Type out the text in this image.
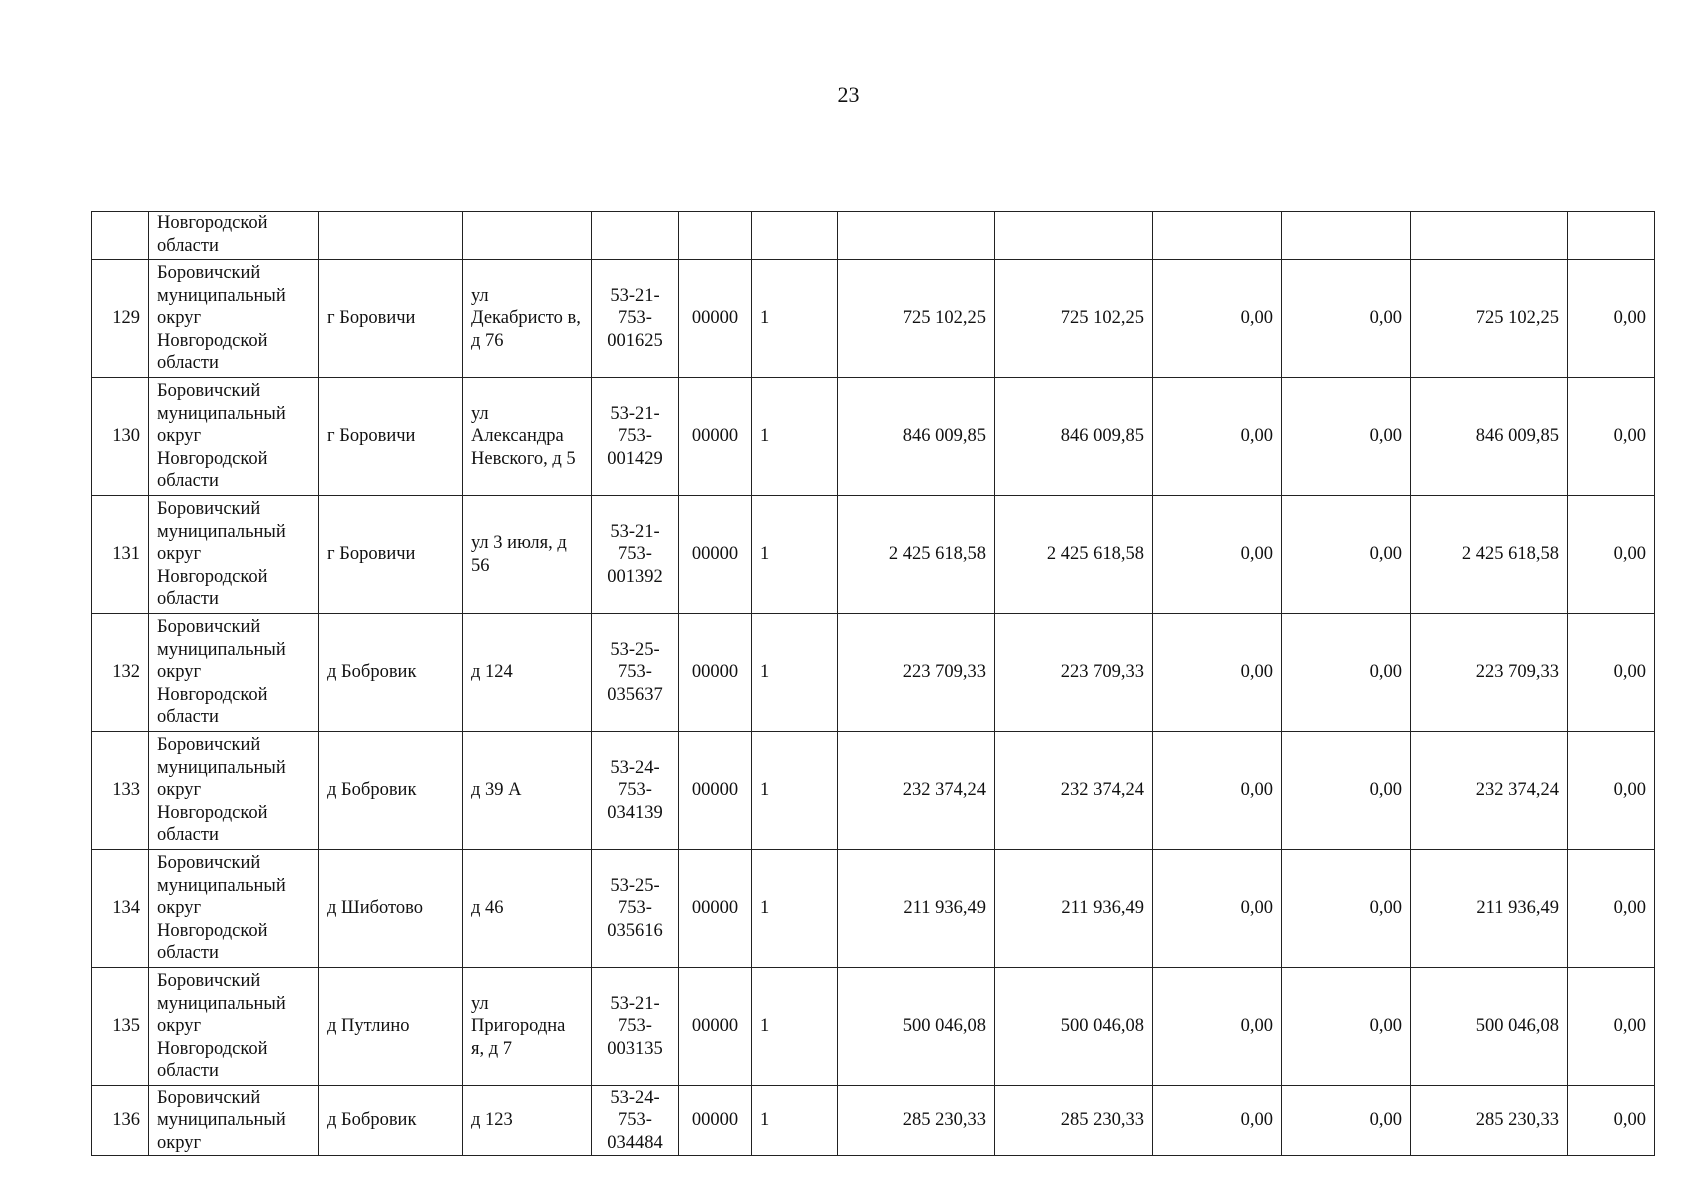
23
	Новгородской области											
129	Боровичский муниципальный округ Новгородской области	г Боровичи	ул Декабристо в, д 76	53-21-753-001625	00000	1	725 102,25	725 102,25	0,00	0,00	725 102,25	0,00
130	Боровичский муниципальный округ Новгородской области	г Боровичи	ул Александра Невского, д 5	53-21-753-001429	00000	1	846 009,85	846 009,85	0,00	0,00	846 009,85	0,00
131	Боровичский муниципальный округ Новгородской области	г Боровичи	ул 3 июля, д 56	53-21-753-001392	00000	1	2 425 618,58	2 425 618,58	0,00	0,00	2 425 618,58	0,00
132	Боровичский муниципальный округ Новгородской области	д Бобровик	д 124	53-25-753-035637	00000	1	223 709,33	223 709,33	0,00	0,00	223 709,33	0,00
133	Боровичский муниципальный округ Новгородской области	д Бобровик	д 39 А	53-24-753-034139	00000	1	232 374,24	232 374,24	0,00	0,00	232 374,24	0,00
134	Боровичский муниципальный округ Новгородской области	д Шиботово	д 46	53-25-753-035616	00000	1	211 936,49	211 936,49	0,00	0,00	211 936,49	0,00
135	Боровичский муниципальный округ Новгородской области	д Путлино	ул Пригородна я, д 7	53-21-753-003135	00000	1	500 046,08	500 046,08	0,00	0,00	500 046,08	0,00
136	Боровичский муниципальный округ	д Бобровик	д 123	53-24-753-034484	00000	1	285 230,33	285 230,33	0,00	0,00	285 230,33	0,00
